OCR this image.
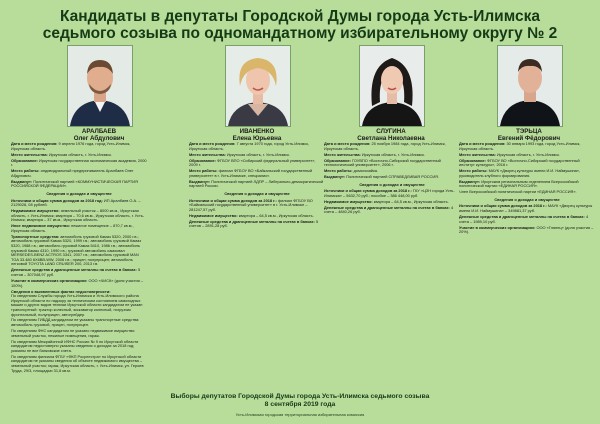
Кандидаты в депутаты Городской Думы города Усть-Илимска
седьмого созыва по одномандатному избирательному округу № 2
АРАЛБАЕВ
Олег Абдулович
ИВАНЕНКО
Елена Юрьевна
СЛУГИНА
Светлана Николаевна
ТЭРЬЦА
Евгений Фёдорович

Дата и место рождения: 9 апреля 1976 года, город Усть-Илимск, Иркутская область.

Место жительства: Иркутская область, г. Усть-Илимск.

Образование: Иркутская государственная экономическая академия, 2000 г.

Место работы: индивидуальный предприниматель Аралбаев Олег Абдулович.

Выдвинут: Политической партией «КОММУНИСТИЧЕСКАЯ ПАРТИЯ РОССИЙСКОЙ ФЕДЕРАЦИИ».

Сведения о доходах и имуществе

Источники и общая сумма доходов за 2018 год: ИП Аралбаев О.А. – 2129028, 08 рублей.

Недвижимое имущество: земельный участок – 8000 кв.м., Иркутская область, г. Усть-Илимск; квартира – 70,6 кв.м., Иркутская область, г. Усть-Илимск; квартира – 37 кв.м., Иркутская область.

Иное недвижимое имущество: нежилое помещение – 870,7 кв.м., Иркутская область.

Транспортные средства: автомобиль грузовой Камаз 5320, 2000 г.в.; автомобиль грузовой Камаз 5320, 1999 г.в.; автомобиль грузовой Камаз 5320, 1988 г.в.; автомобиль грузовой Камаз 5410, 1986 г.в.; автомобиль грузовой Камаз 4310, 1990 г.в.; грузовой автомобиль самосвал MERSEDES-BENZ ACTROS 3341, 2007 г.в.; автомобиль грузовой MAN TGA 33.480 6Х6BB-WW, 2008 г.в.; прицеп; полуприцеп; автомобиль легковой TOYOTA LAND CRUISER 200, 2013 г.в.

Денежные средства и драгоценные металлы на счетах в банках: 5 счетов – 307048,97 руб.

Участие в коммерческих организациях: ООО «ЧИСК» (доля участия – 100%).

Сведения о выявленных фактах недостоверности:

По сведениям Службы города Усть-Илимска и Усть-Илимского района Иркутской области по надзору за техническим состоянием самоходных машин и других видов техники Иркутской области кандидатом не указан транспортный: трактор колесный, экскаватор колесный, погрузчик фронтальный, полуприцеп, автогрейдер.

По сведениям ГИБДД кандидатом не указаны транспортные средства: автомобиль грузовой, прицеп, полуприцеп.

По сведениям ФНС кандидатом не указано недвижимое имущество: земельный участок, нежилые помещения, гараж.

По сведениям Межрайонной ИФНС России № 9 по Иркутской области кандидатом недостоверно указаны сведения о доходах за 2018 год; указаны не все банковские счета.

По сведениям филиала ФГБУ «ФКП Росреестра» по Иркутской области кандидатом не указаны сведения об объекте недвижимого имущества – земельный участок; гараж, Иркутская область, г. Усть-Илимск, ул. Героев Труда, 29/3, площадью 31,6 кв.м.

Дата и место рождения: 7 августа 1970 года, город Усть-Илимск, Иркутская область.

Место жительства: Иркутская область, г. Усть-Илимск.

Образование: ФГБОУ ВПО «Сибирский федеральный университет», 2009 г.

Место работы: филиал ФГБОУ ВО «Байкальский государственный университет» в г. Усть-Илимске, специалист.

Выдвинут: Политической партией ЛДПР – Либерально-демократической партией России.

Сведения о доходах и имуществе

Источники и общая сумма доходов за 2018 г.: филиал ФГБОУ ВО «Байкальский государственный университет» в г. Усть-Илимске – 281247,57 руб.

Недвижимое имущество: квартира – 64,5 кв.м., Иркутская область.

Денежные средства и драгоценные металлы на счетах в банках: 5 счетов – 2891,28 руб.

Дата и место рождения: 25 ноября 1984 года, город Усть-Илимск, Иркутская область.

Место жительства: Иркутская область, г. Усть-Илимск.

Образование: ГОУВПО «Восточно-Сибирский государственный технологический университет», 2006 г.

Место работы: домохозяйка.

Выдвинут: Политической партией СПРАВЕДЛИВАЯ РОССИЯ.

Сведения о доходах и имуществе

Источники и общая сумма доходов за 2018 г.: ГКУ «ЦЗН города Усть-Илимска» – 5632,70 руб.; пособие – 386 448,00 руб.

Недвижимое имущество: квартира – 64,5 кв.м., Иркутская область.

Денежные средства и драгоценные металлы на счетах в банках: 4 счета – 4840,26 руб.

Дата и место рождения: 30 января 1993 года, город Усть-Илимск, Иркутская область.

Место жительства: Иркутская область, г. Усть-Илимск.

Образование: ФГБОУ ВО «Восточно-Сибирский государственный институт культуры», 2016 г.

Место работы: МАУК «Дворец культуры имени И.И. Наймушина», руководитель клубного формирования.

Выдвинут: Иркутским региональным отделением Всероссийской политической партии «ЕДИНАЯ РОССИЯ».

Член Всероссийской политической партии «ЕДИНАЯ РОССИЯ».

Сведения о доходах и имуществе

Источники и общая сумма доходов за 2018 г.: МАУК «Дворец культуры имени И.И. Наймушина» – 349881,37 руб.

Денежные средства и драгоценные металлы на счетах в банках: 4 счета – 1989,10 руб.

Участие в коммерческих организациях: ООО «Глянец» (доля участия – 20%).

Выборы депутатов Городской Думы города Усть-Илимска седьмого созыва
8 сентября 2019 года
Усть-Илимская городская территориальная избирательная комиссия
